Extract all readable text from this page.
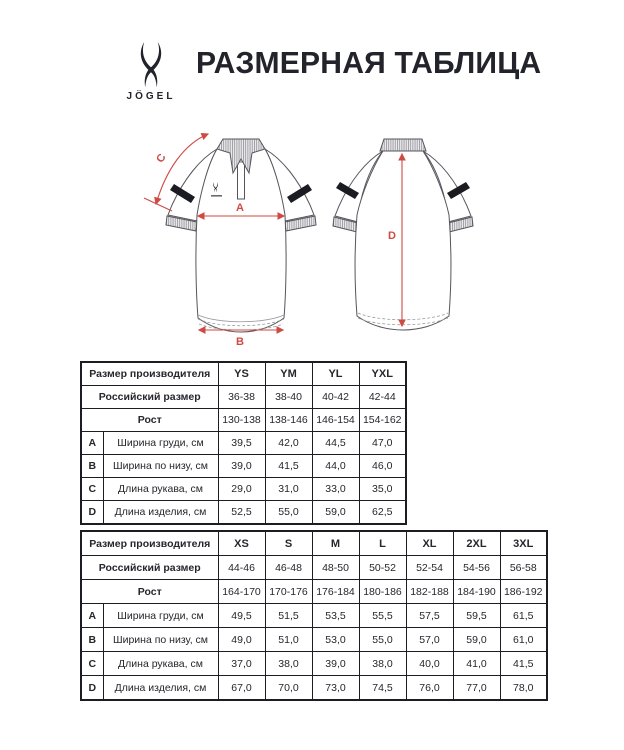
JÖGEL
РАЗМЕРНАЯ ТАБЛИЦА
A
B
C
D
Размер производителя		YS	YM	YL	YXL
Российский размер		36-38	38-40	40-42	42-44
Рост		130-138	138-146	146-154	154-162
A	Ширина груди, см	39,5	42,0	44,5	47,0
B	Ширина по низу, см	39,0	41,5	44,0	46,0
C	Длина рукава, см	29,0	31,0	33,0	35,0
D	Длина изделия, см	52,5	55,0	59,0	62,5
Размер производителя		XS	S	M	L	XL	2XL	3XL
Российский размер		44-46	46-48	48-50	50-52	52-54	54-56	56-58
Рост		164-170	170-176	176-184	180-186	182-188	184-190	186-192
A	Ширина груди, см	49,5	51,5	53,5	55,5	57,5	59,5	61,5
B	Ширина по низу, см	49,0	51,0	53,0	55,0	57,0	59,0	61,0
C	Длина рукава, см	37,0	38,0	39,0	38,0	40,0	41,0	41,5
D	Длина изделия, см	67,0	70,0	73,0	74,5	76,0	77,0	78,0
